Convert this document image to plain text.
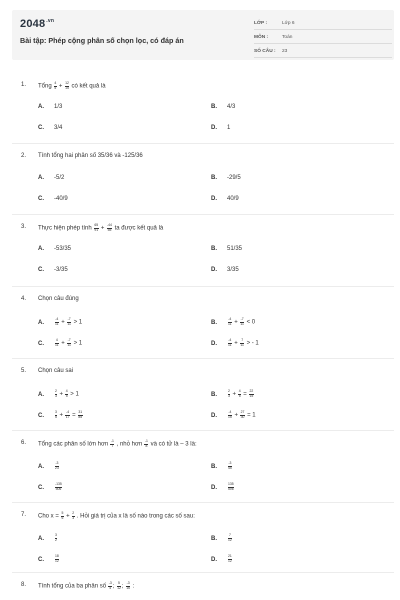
$2048^{.vn}$
Bài tập: Phép cộng phân số chọn lọc, có đáp án
LỚP :	Lớp 6
MÔN :	Toán
SỐ CÂU : 23
1. Tổng $\frac{4}{5} + \frac{12}{15}$ có kết quả là
A. 1/3	B. 4/3
C. 3/4	D. 1
2. Tính tổng hai phân số 35/36 và -125/36
A. -5/2	B. -29/5
C. -40/9	D. 40/9
3. Thực hiện phép tính $\frac{65}{91} + \frac{-44}{55}$ ta được kết quả là
A. -53/35	B. 51/35
C. -3/35	D. 3/35
4. Chọn câu đúng
A.	$\frac{-4}{11} + \frac{-7}{11} > 1$	B.	$\frac{-4}{11} + \frac{-7}{11} < 0$
C.	$\frac{4}{11} + \frac{-7}{11} > 1$	D.	$\frac{-4}{11} + \frac{7}{11}$ > - 1
5. Chọn câu sai
A.	$\frac{2}{3} + \frac{4}{5} > 1$	B.	$\frac{2}{3} + \frac{4}{5} = \frac{22}{15}$
C.	$\frac{3}{5} + \frac{-4}{17} = \frac{31}{85}$	D.	$\frac{-4}{15} + \frac{27}{30} = 1$
6. Tổng các phân số lớn hơn $\frac{-1}{7}$ , nhỏ hơn $\frac{-1}{8}$ và có tử là – 3 là:
A.	$\frac{-3}{23}$	B.	$\frac{-3}{45}$
C.	$\frac{-135}{506}$	D.	$\frac{135}{506}$
7. Cho $x = \frac{5}{6} + \frac{2}{3}$ . Hỏi giá trị của x là số nào trong các số sau:
A.	$\frac{3}{2}$	B.	$\frac{7}{12}$
C.	$\frac{18}{12}$	D.	$\frac{21}{12}$
8. Tính tổng của ba phân số $\frac{-3}{4}$ ; $\frac{5}{12}$ ; $\frac{-3}{16}$ :
